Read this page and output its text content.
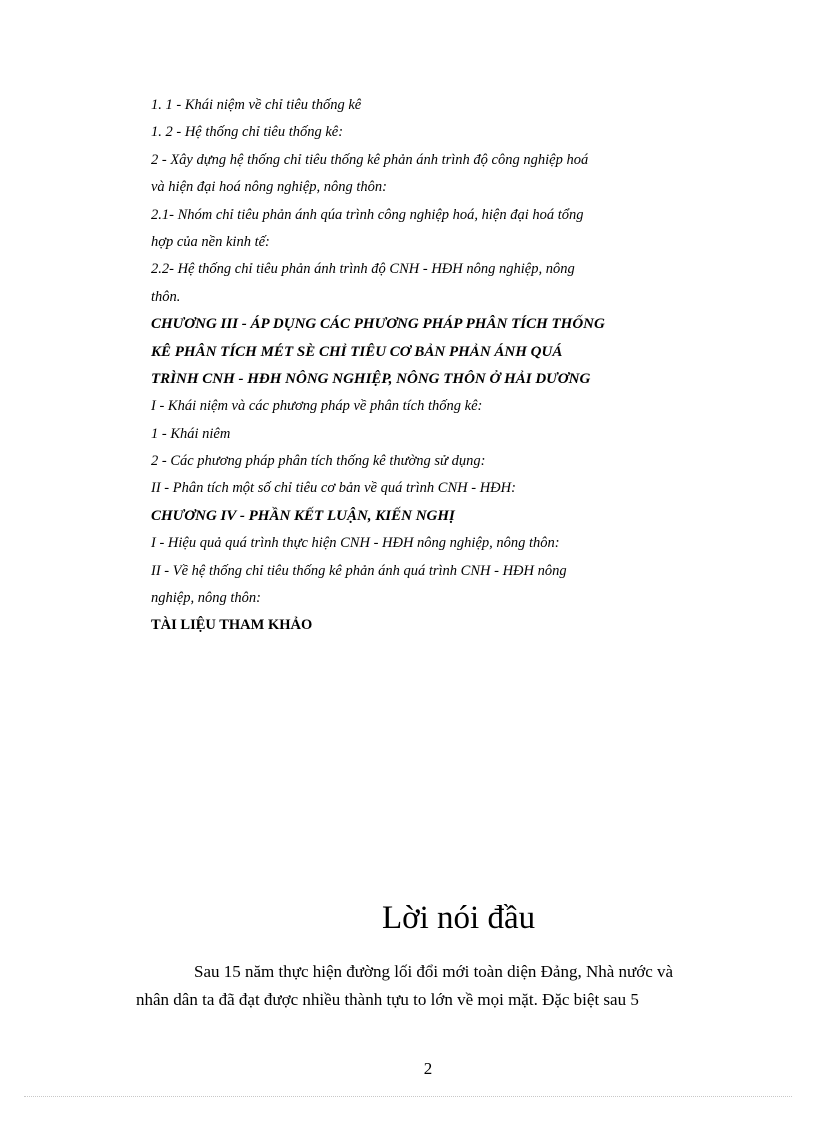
1. 1 - Khái niệm về chỉ tiêu thống kê
1. 2 - Hệ thống chỉ tiêu thống kê:
2 - Xây dựng hệ thống chỉ tiêu thống kê phản ánh trình độ công nghiệp hoá
và hiện đại hoá nông nghiệp, nông thôn:
2.1- Nhóm chỉ tiêu phản ánh qúa trình công nghiệp hoá, hiện đại hoá tổng
hợp của nền kinh tế:
2.2- Hệ thống chỉ tiêu phản ánh trình độ CNH - HĐH nông nghiệp, nông
thôn.
CHƯƠNG III - ÁP DỤNG CÁC PHƯƠNG PHÁP PHÂN TÍCH THỐNG
KÊ PHÂN TÍCH MÉT SÈ CHỈ TIÊU CƠ BẢN PHẢN ÁNH QUÁ
TRÌNH CNH - HĐH NÔNG NGHIỆP, NÔNG THÔN Ở HẢI DƯƠNG
I - Khái niệm và các phương pháp về phân tích thống kê:
1 - Khái niêm
2 - Các phương pháp phân tích thống kê thường sử dụng:
II - Phân tích một số chỉ tiêu cơ bản về quá trình CNH - HĐH:
CHƯƠNG IV - PHẦN KẾT LUẬN, KIẾN NGHỊ
I - Hiệu quả quá trình thực hiện CNH - HĐH nông nghiệp, nông thôn:
II - Về hệ thống chỉ tiêu thống kê phản ánh quá trình CNH - HĐH nông
nghiệp, nông thôn:
TÀI LIỆU THAM KHẢO
Lời nói đầu
Sau 15 năm thực hiện đường lối đổi mới toàn diện Đảng, Nhà nước và
nhân dân ta đã đạt được nhiều thành tựu to lớn về mọi mặt. Đặc biệt sau 5
2
